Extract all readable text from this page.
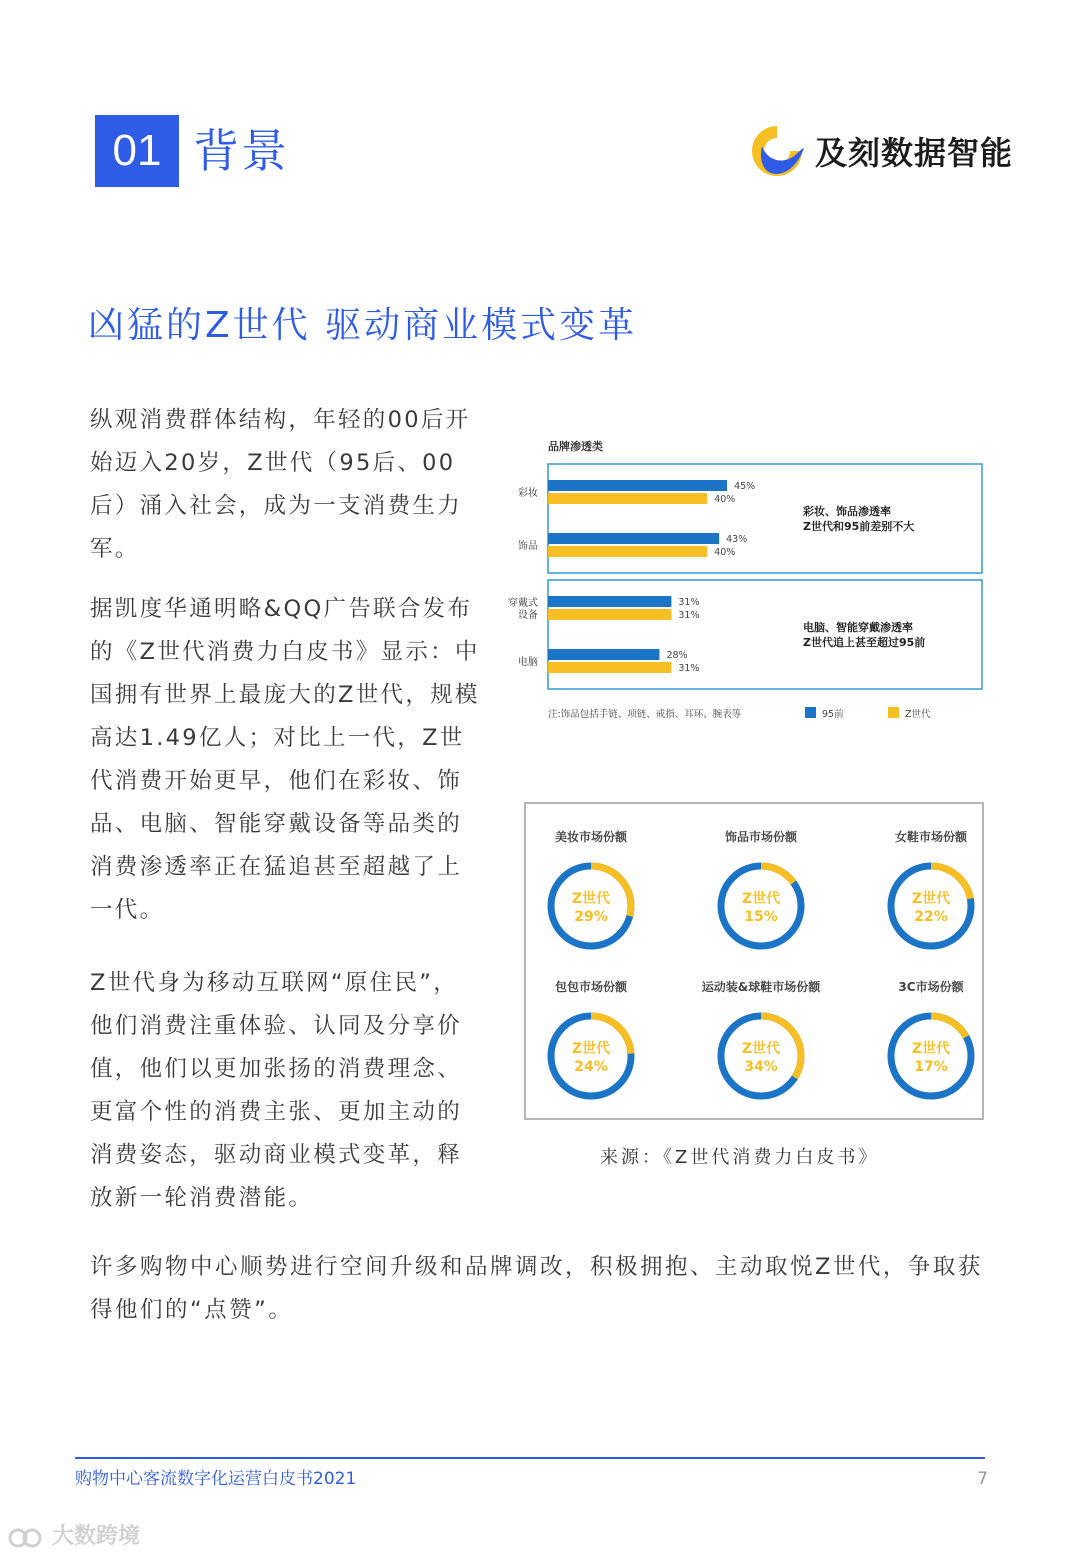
01 背景	及刻数据智能
凶猛的Z世代 驱动商业模式变革
纵观消费群体结构，年轻的00后开始迈入20岁，Z世代（95后、00后）涌入社会，成为一支消费生力军。
据凯度华通明略&QQ广告联合发布的《Z世代消费力白皮书》显示：中国拥有世界上最庞大的Z世代，规模高达1.49亿人；对比上一代，Z世代消费开始更早，他们在彩妆、饰品、电脑、智能穿戴设备等品类的消费渗透率正在猛追甚至超越了上一代。
Z世代身为移动互联网“原住民”，他们消费注重体验、认同及分享价值，他们以更加张扬的消费理念、更富个性的消费主张、更加主动的消费姿态，驱动商业模式变革，释放新一轮消费潜能。
许多购物中心顺势进行空间升级和品牌调改，积极拥抱、主动取悦Z世代，争取获得他们的“点赞”。
品牌渗透类
彩妆
45%
40%
饰品
43%
40%
穿戴式
设备
31%
31%
电脑
28%
31%
彩妆、饰品渗透率
Z世代和95前差别不大
电脑、智能穿戴渗透率
Z世代追上甚至超过95前
95前	Z世代
注:饰品包括手链、项链、戒指、耳环、腕表等
美妆市场份额
Z世代
29%
饰品市场份额
Z世代
15%
女鞋市场份额
Z世代
22%
包包市场份额
Z世代
24%
运动装&球鞋市场份额
Z世代
34%
3C市场份额
Z世代
17%
来源：《Z世代消费力白皮书》
购物中心客流数字化运营白皮书2021	7
大数跨境
